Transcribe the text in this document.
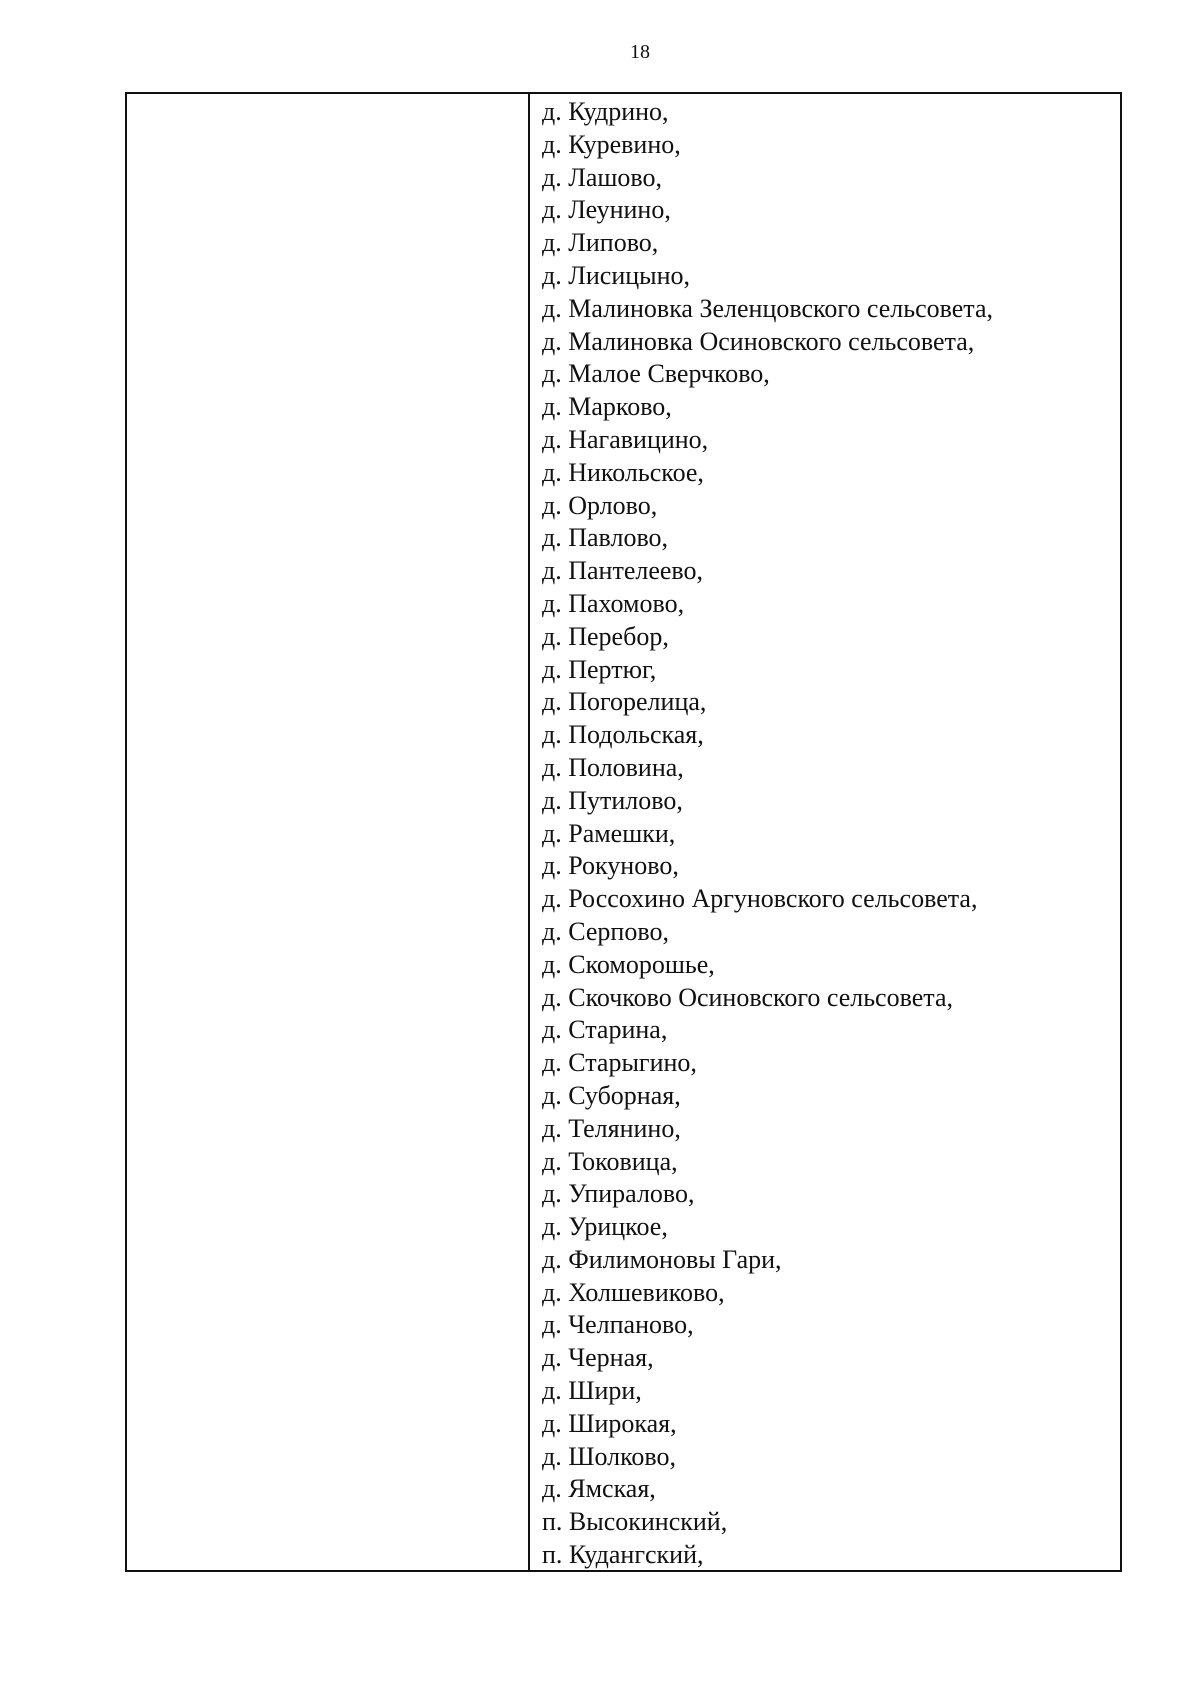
18
д. Кудрино,
д. Куревино,
д. Лашово,
д. Леунино,
д. Липово,
д. Лисицыно,
д. Малиновка Зеленцовского сельсовета,
д. Малиновка Осиновского сельсовета,
д. Малое Сверчково,
д. Марково,
д. Нагавицино,
д. Никольское,
д. Орлово,
д. Павлово,
д. Пантелеево,
д. Пахомово,
д. Перебор,
д. Пертюг,
д. Погорелица,
д. Подольская,
д. Половина,
д. Путилово,
д. Рамешки,
д. Рокуново,
д. Россохино Аргуновского сельсовета,
д. Серпово,
д. Скоморошье,
д. Скочково Осиновского сельсовета,
д. Старина,
д. Старыгино,
д. Суборная,
д. Телянино,
д. Токовица,
д. Упиралово,
д. Урицкое,
д. Филимоновы Гари,
д. Холшевиково,
д. Челпаново,
д. Черная,
д. Шири,
д. Широкая,
д. Шолково,
д. Ямская,
п. Высокинский,
п. Кудангский,
